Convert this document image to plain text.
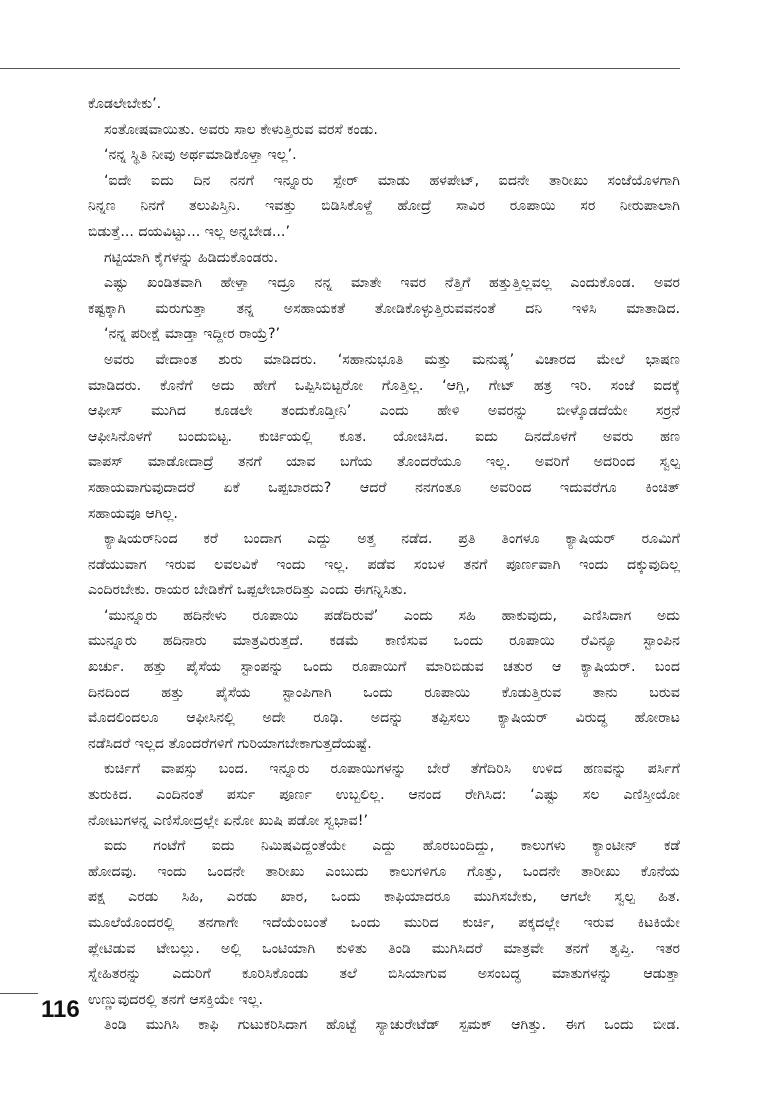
ಕೊಡಲೇಬೇಕು’.
ಸಂತೋಷವಾಯಿತು. ಅವರು ಸಾಲ ಕೇಳುತ್ತಿರುವ ವರಸೆ ಕಂಡು.
‘ನನ್ನ ಸ್ಥಿತಿ ನೀವು ಅರ್ಥಮಾಡಿಕೊಳ್ತಾ ಇಲ್ಲ’.
‘ಐದೇ ಐದು ದಿನ ನನಗೆ ಇನ್ನೂರು ಸ್ಪೇರ್ ಮಾಡು ಹಳಪೇಟ್, ಐದನೇ ತಾರೀಖು ಸಂಜೆಯೊಳಗಾಗಿ
ನಿನ್ನಣ ನಿನಗೆ ತಲುಪಿಸ್ತಿನಿ. ಇವತ್ತು ಬಿಡಿಸಿಕೊಳ್ದೆ ಹೋದ್ರೆ ಸಾವಿರ ರೂಪಾಯಿ ಸರ ನೀರುಪಾಲಾಗಿ
ಬಿಡುತ್ತೆ... ದಯವಿಟ್ಟು... ಇಲ್ಲ ಅನ್ನಬೇಡ...’
ಗಟ್ಟಿಯಾಗಿ ಕೈಗಳನ್ನು ಹಿಡಿದುಕೊಂಡರು.
ಎಷ್ಟು ಖಂಡಿತವಾಗಿ ಹೇಳ್ತಾ ಇದ್ರೂ ನನ್ನ ಮಾತೇ ಇವರ ನೆತ್ತಿಗೆ ಹತ್ತುತ್ತಿಲ್ಲವಲ್ಲ ಎಂದುಕೊಂಡ. ಅವರ
ಕಷ್ಟಕ್ಕಾಗಿ ಮರುಗುತ್ತಾ ತನ್ನ ಅಸಹಾಯಕತೆ ತೋಡಿಕೊಳ್ಳುತ್ತಿರುವವನಂತೆ ದನಿ ಇಳಿಸಿ ಮಾತಾಡಿದ.
‘ನನ್ನ ಪರೀಕ್ಷೆ ಮಾಡ್ತಾ ಇದ್ದೀರ ರಾಯ್ರೆ?’
ಅವರು ವೇದಾಂತ ಶುರು ಮಾಡಿದರು. ‘ಸಹಾನುಭೂತಿ ಮತ್ತು ಮನುಷ್ಯ’ ವಿಚಾರದ ಮೇಲೆ ಭಾಷಣ
ಮಾಡಿದರು. ಕೊನೆಗೆ ಅದು ಹೇಗೆ ಒಪ್ಪಿಸಿಬಿಟ್ಟರೋ ಗೊತ್ತಿಲ್ಲ. ‘ಆಗ್ಲಿ, ಗೇಟ್ ಹತ್ರ ಇರಿ. ಸಂಜೆ ಐದಕ್ಕೆ
ಆಫೀಸ್ ಮುಗಿದ ಕೂಡಲೇ ತಂದುಕೊಡ್ತೀನಿ’ ಎಂದು ಹೇಳಿ ಅವರನ್ನು ಬೀಳ್ಕೊಡದೆಯೇ ಸರ್ರನೆ
ಆಫೀಸಿನೊಳಗೆ ಬಂದುಬಿಟ್ಟ. ಕುರ್ಚಿಯಲ್ಲಿ ಕೂತ. ಯೋಚಿಸಿದ. ಐದು ದಿನದೊಳಗೆ ಅವರು ಹಣ
ವಾಪಸ್ ಮಾಡೋದಾದ್ರೆ ತನಗೆ ಯಾವ ಬಗೆಯ ತೊಂದರೆಯೂ ಇಲ್ಲ. ಅವರಿಗೆ ಅದರಿಂದ ಸ್ವಲ್ಪ
ಸಹಾಯವಾಗುವುದಾದರೆ ಏಕೆ ಒಪ್ಪಬಾರದು? ಆದರೆ ನನಗಂತೂ ಅವರಿಂದ ಇದುವರೆಗೂ ಕಿಂಚಿತ್
ಸಹಾಯವೂ ಆಗಿಲ್ಲ.
ಕ್ಯಾಷಿಯರ್‌ನಿಂದ ಕರೆ ಬಂದಾಗ ಎದ್ದು ಅತ್ತ ನಡೆದ. ಪ್ರತಿ ತಿಂಗಳೂ ಕ್ಯಾಷಿಯರ್ ರೂಮಿಗೆ
ನಡೆಯುವಾಗ ಇರುವ ಲವಲವಿಕೆ ಇಂದು ಇಲ್ಲ. ಪಡೆವ ಸಂಬಳ ತನಗೆ ಪೂರ್ಣವಾಗಿ ಇಂದು ದಕ್ಕುವುದಿಲ್ಲ
ಎಂದಿರಬೇಕು. ರಾಯರ ಬೇಡಿಕೆಗೆ ಒಪ್ಪಲೇಬಾರದಿತ್ತು ಎಂದು ಈಗನ್ನಿಸಿತು.
‘ಮುನ್ನೂರು ಹದಿನೇಳು ರೂಪಾಯಿ ಪಡೆದಿರುವೆ’ ಎಂದು ಸಹಿ ಹಾಕುವುದು, ಎಣಿಸಿದಾಗ ಅದು
ಮುನ್ನೂರು ಹದಿನಾರು ಮಾತ್ರವಿರುತ್ತದೆ. ಕಡಮೆ ಕಾಣಿಸುವ ಒಂದು ರೂಪಾಯಿ ರೆವಿನ್ಯೂ ಸ್ಟಾಂಪಿನ
ಖರ್ಚು. ಹತ್ತು ಪೈಸೆಯ ಸ್ಟಾಂಪನ್ನು ಒಂದು ರೂಪಾಯಿಗೆ ಮಾರಿಬಿಡುವ ಚತುರ ಆ ಕ್ಯಾಷಿಯರ್. ಬಂದ
ದಿನದಿಂದ ಹತ್ತು ಪೈಸೆಯ ಸ್ಟಾಂಪಿಗಾಗಿ ಒಂದು ರೂಪಾಯಿ ಕೊಡುತ್ತಿರುವ ತಾನು ಬರುವ
ಮೊದಲಿಂದಲೂ ಆಫೀಸಿನಲ್ಲಿ ಅದೇ ರೂಢಿ. ಅದನ್ನು ತಪ್ಪಿಸಲು ಕ್ಯಾಷಿಯರ್ ವಿರುದ್ಧ ಹೋರಾಟ
ನಡೆಸಿದರೆ ಇಲ್ಲದ ತೊಂದರೆಗಳಿಗೆ ಗುರಿಯಾಗಬೇಕಾಗುತ್ತದೆಯಷ್ಟೆ.
ಕುರ್ಚಿಗೆ ವಾಪಸ್ಸು ಬಂದ. ಇನ್ನೂರು ರೂಪಾಯಿಗಳನ್ನು ಬೇರೆ ತೆಗೆದಿರಿಸಿ ಉಳಿದ ಹಣವನ್ನು ಪರ್ಸಿಗೆ
ತುರುಕಿದ. ಎಂದಿನಂತೆ ಪರ್ಸು ಪೂರ್ಣ ಉಬ್ಬಲಿಲ್ಲ. ಆನಂದ ರೇಗಿಸಿದ: ‘ಎಷ್ಟು ಸಲ ಎಣಿಸ್ತೀಯೋ
ನೋಟುಗಳನ್ನ ಎಣಿಸೋದ್ರಲ್ಲೇ ಏನೋ ಖುಷಿ ಪಡೋ ಸ್ವಭಾವ!’
ಐದು ಗಂಟೆಗೆ ಐದು ನಿಮಿಷವಿದ್ದಂತೆಯೇ ಎದ್ದು ಹೊರಬಂದಿದ್ದು, ಕಾಲುಗಳು ಕ್ಯಾಂಟೀನ್ ಕಡೆ
ಹೋದವು. ಇಂದು ಒಂದನೇ ತಾರೀಖು ಎಂಬುದು ಕಾಲುಗಳಿಗೂ ಗೊತ್ತು, ಒಂದನೇ ತಾರೀಖು ಕೊನೆಯ
ಪಕ್ಷ ಎರಡು ಸಿಹಿ, ಎರಡು ಖಾರ, ಒಂದು ಕಾಫಿಯಾದರೂ ಮುಗಿಸಬೇಕು, ಆಗಲೇ ಸ್ವಲ್ಪ ಹಿತ.
ಮೂಲೆಯೊಂದರಲ್ಲಿ ತನಗಾಗೇ ಇದೆಯೆಂಬಂತೆ ಒಂದು ಮುರಿದ ಕುರ್ಚಿ, ಪಕ್ಕದಲ್ಲೇ ಇರುವ ಕಿಟಕಿಯೇ
ಪ್ಲೇಟಿಡುವ ಟೇಬಲ್ಲು. ಅಲ್ಲಿ ಒಂಟಿಯಾಗಿ ಕುಳಿತು ತಿಂಡಿ ಮುಗಿಸಿದರೆ ಮಾತ್ರವೇ ತನಗೆ ತೃಪ್ತಿ. ಇತರ
ಸ್ನೇಹಿತರನ್ನು ಎದುರಿಗೆ ಕೂರಿಸಿಕೊಂಡು ತಲೆ ಬಿಸಿಯಾಗುವ ಅಸಂಬದ್ಧ ಮಾತುಗಳನ್ನು ಆಡುತ್ತಾ
ಉಣ್ಣುವುದರಲ್ಲಿ ತನಗೆ ಆಸಕ್ತಿಯೇ ಇಲ್ಲ.
ತಿಂಡಿ ಮುಗಿಸಿ ಕಾಫಿ ಗುಟುಕರಿಸಿದಾಗ ಹೊಟ್ಟೆ ಸ್ಯಾಚುರೇಟೆಡ್ ಸ್ಪಮಕ್ ಆಗಿತ್ತು. ಈಗ ಒಂದು ಬೀಡ.
116
